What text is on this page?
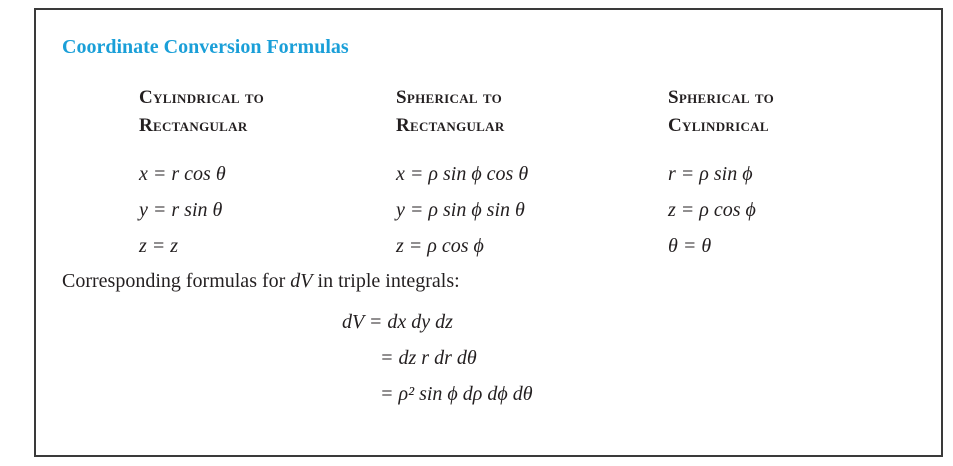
Coordinate Conversion Formulas
Cylindrical to
Rectangular
x = r cos θ
y = r sin θ
z = z
Spherical to
Rectangular
x = ρ sin ϕ cos θ
y = ρ sin ϕ sin θ
z = ρ cos ϕ
Spherical to
Cylindrical
r = ρ sin ϕ
z = ρ cos ϕ
θ = θ
Corresponding formulas for dV in triple integrals:
dV = dx dy dz
= dz r dr dθ
= ρ² sin ϕ dρ dϕ dθ
